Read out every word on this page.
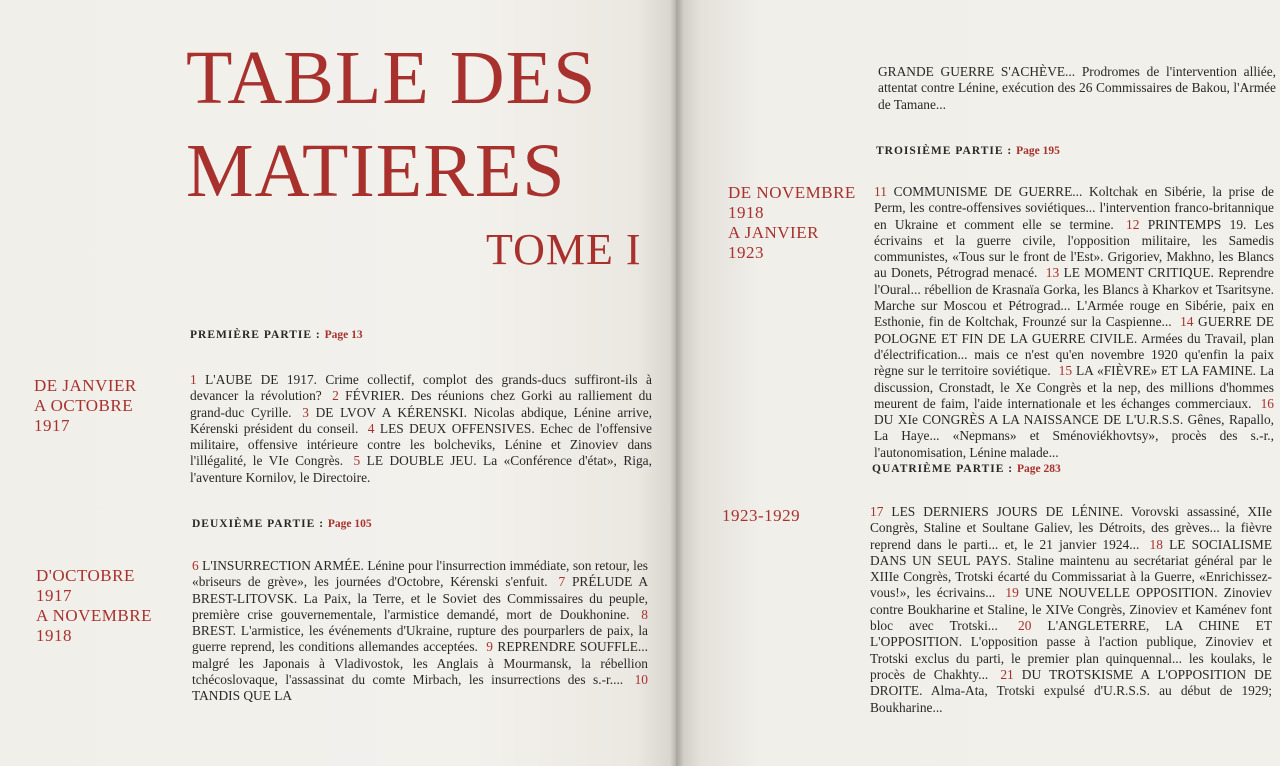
TABLE DES
MATIERES
TOME I
PREMIÈRE PARTIE : Page 13
DE JANVIER
A OCTOBRE
1917
1 L'AUBE DE 1917. Crime collectif, complot des grands-ducs suffiront-ils à devancer la révolution? 2 FÉVRIER. Des réunions chez Gorki au ralliement du grand-duc Cyrille. 3 DE LVOV A KÉRENSKI. Nicolas abdique, Lénine arrive, Kérenski président du conseil. 4 LES DEUX OFFENSIVES. Echec de l'offensive militaire, offensive intérieure contre les bolcheviks, Lénine et Zinoviev dans l'illégalité, le VIe Congrès. 5 LE DOUBLE JEU. La «Conférence d'état», Riga, l'aventure Kornilov, le Directoire.
DEUXIÈME PARTIE : Page 105
D'OCTOBRE
1917
A NOVEMBRE
1918
6 L'INSURRECTION ARMÉE. Lénine pour l'insurrection immédiate, son retour, les «briseurs de grève», les journées d'Octobre, Kérenski s'enfuit. 7 PRÉLUDE A BREST-LITOVSK. La Paix, la Terre, et le Soviet des Commissaires du peuple, première crise gouvernementale, l'armistice demandé, mort de Doukhonine. 8 BREST. L'armistice, les événements d'Ukraine, rupture des pourparlers de paix, la guerre reprend, les conditions allemandes acceptées. 9 REPRENDRE SOUFFLE... malgré les Japonais à Vladivostok, les Anglais à Mourmansk, la rébellion tchécoslovaque, l'assassinat du comte Mirbach, les insurrections des s.-r.... 10 TANDIS QUE LA
GRANDE GUERRE S'ACHÈVE... Prodromes de l'intervention alliée, attentat contre Lénine, exécution des 26 Commissaires de Bakou, l'Armée de Tamane...
TROISIÈME PARTIE : Page 195
DE NOVEMBRE
1918
A JANVIER
1923
11 COMMUNISME DE GUERRE... Koltchak en Sibérie, la prise de Perm, les contre-offensives soviétiques... l'intervention franco-britannique en Ukraine et comment elle se termine. 12 PRINTEMPS 19. Les écrivains et la guerre civile, l'opposition militaire, les Samedis communistes, «Tous sur le front de l'Est». Grigoriev, Makhno, les Blancs au Donets, Pétrograd menacé. 13 LE MOMENT CRITIQUE. Reprendre l'Oural... rébellion de Krasnaïa Gorka, les Blancs à Kharkov et Tsaritsyne. Marche sur Moscou et Pétrograd... L'Armée rouge en Sibérie, paix en Esthonie, fin de Koltchak, Frounzé sur la Caspienne... 14 GUERRE DE POLOGNE ET FIN DE LA GUERRE CIVILE. Armées du Travail, plan d'électrification... mais ce n'est qu'en novembre 1920 qu'enfin la paix règne sur le territoire soviétique. 15 LA «FIÈVRE» ET LA FAMINE. La discussion, Cronstadt, le Xe Congrès et la nep, des millions d'hommes meurent de faim, l'aide internationale et les échanges commerciaux. 16 DU XIe CONGRÈS A LA NAISSANCE DE L'U.R.S.S. Gênes, Rapallo, La Haye... «Nepmans» et Sménoviékhovtsy», procès des s.-r., l'autonomisation, Lénine malade...
QUATRIÈME PARTIE : Page 283
1923-1929	17 LES DERNIERS JOURS DE LÉNINE. Vorovski assassiné, XIIe Congrès, Staline et Soultane Galiev, les Détroits, des grèves... la fièvre reprend dans le parti... et, le 21 janvier 1924... 18 LE SOCIALISME DANS UN SEUL PAYS. Staline maintenu au secrétariat général par le XIIIe Congrès, Trotski écarté du Commissariat à la Guerre, «Enrichissez-vous!», les écrivains... 19 UNE NOUVELLE OPPOSITION. Zinoviev contre Boukharine et Staline, le XIVe Congrès, Zinoviev et Kaménev font bloc avec Trotski... 20 L'ANGLETERRE, LA CHINE ET L'OPPOSITION. L'opposition passe à l'action publique, Zinoviev et Trotski exclus du parti, le premier plan quinquennal... les koulaks, le procès de Chakhty... 21 DU TROTSKISME A L'OPPOSITION DE DROITE. Alma-Ata, Trotski expulsé d'U.R.S.S. au début de 1929; Boukharine...
